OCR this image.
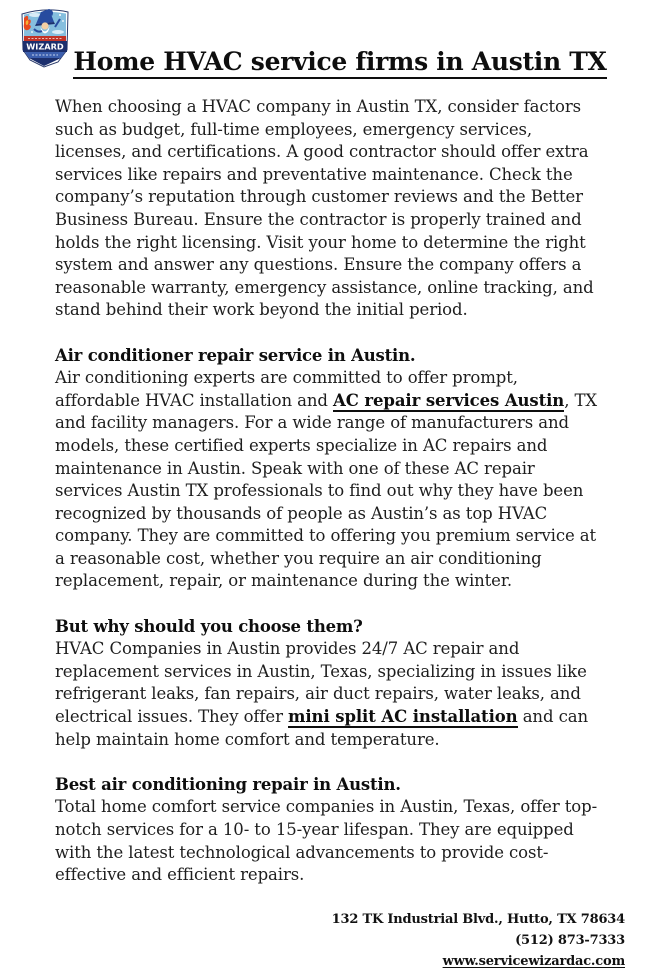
WIZARD
Home HVAC service firms in Austin TX

When choosing a HVAC company in Austin TX, consider factors such as budget, full-time employees, emergency services, licenses, and certifications. A good contractor should offer extra services like repairs and preventative maintenance. Check the company’s reputation through customer reviews and the Better Business Bureau. Ensure the contractor is properly trained and holds the right licensing. Visit your home to determine the right system and answer any questions. Ensure the company offers a reasonable warranty, emergency assistance, online tracking, and stand behind their work beyond the initial period.

Air conditioner repair service in Austin.

Air conditioning experts are committed to offer prompt, affordable HVAC installation and AC repair services Austin, TX and facility managers. For a wide range of manufacturers and models, these certified experts specialize in AC repairs and maintenance in Austin. Speak with one of these AC repair services Austin TX professionals to find out why they have been recognized by thousands of people as Austin’s as top HVAC company. They are committed to offering you premium service at a reasonable cost, whether you require an air conditioning replacement, repair, or maintenance during the winter.

But why should you choose them?

HVAC Companies in Austin provides 24/7 AC repair and replacement services in Austin, Texas, specializing in issues like refrigerant leaks, fan repairs, air duct repairs, water leaks, and electrical issues. They offer mini split AC installation and can help maintain home comfort and temperature.

Best air conditioning repair in Austin.

Total home comfort service companies in Austin, Texas, offer top-notch services for a 10- to 15-year lifespan. They are equipped with the latest technological advancements to provide cost-effective and efficient repairs.

132 TK Industrial Blvd., Hutto, TX 78634
(512) 873-7333
www.servicewizardac.com
